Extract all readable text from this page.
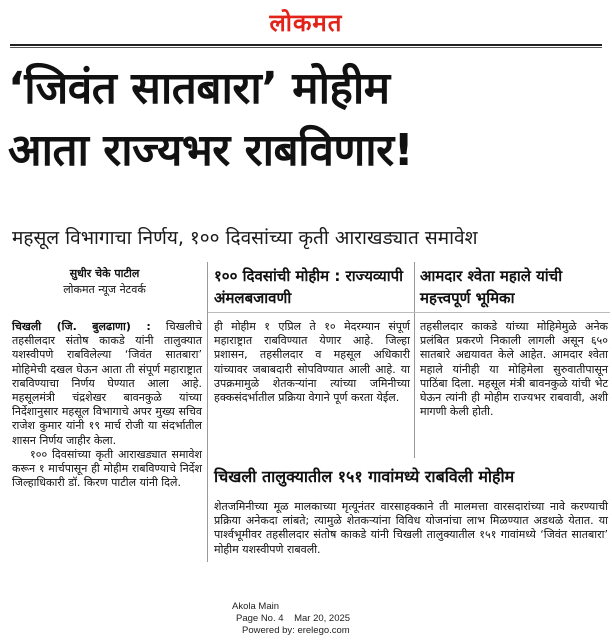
लोकमत
‘जिवंत सातबारा’ मोहीम
आता राज्यभर राबविणार!
महसूल विभागाचा निर्णय, १०० दिवसांच्या कृती आराखड्यात समावेश
सुधीर चेके पाटील
लोकमत न्यूज नेटवर्क

चिखली (जि. बुलढाणा) : चिखलीचे तहसीलदार संतोष काकडे यांनी तालुक्यात यशस्वीपणे राबविलेल्या ‘जिवंत सातबारा’ मोहिमेची दखल घेऊन आता ती संपूर्ण महाराष्ट्रात राबविण्याचा निर्णय घेण्यात आला आहे. महसूलमंत्री चंद्रशेखर बावनकुळे यांच्या निर्देशानुसार महसूल विभागाचे अपर मुख्य सचिव राजेश कुमार यांनी १९ मार्च रोजी या संदर्भातील शासन निर्णय जाहीर केला.

१०० दिवसांच्या कृती आराखड्यात समावेश करून १ मार्चपासून ही मोहीम राबविण्याचे निर्देश जिल्हाधिकारी डॉ. किरण पाटील यांनी दिले.

१०० दिवसांची मोहीम : राज्यव्यापी अंमलबजावणी
आमदार श्वेता महाले यांची महत्त्वपूर्ण भूमिका
ही मोहीम १ एप्रिल ते १० मेदरम्यान संपूर्ण महाराष्ट्रात राबविण्यात येणार आहे. जिल्हा प्रशासन, तहसीलदार व महसूल अधिकारी यांच्यावर जबाबदारी सोपविण्यात आली आहे. या उपक्रमामुळे शेतकऱ्यांना त्यांच्या जमिनीच्या हक्कसंदर्भातील प्रक्रिया वेगाने पूर्ण करता येईल.
तहसीलदार काकडे यांच्या मोहिमेमुळे अनेक प्रलंबित प्रकरणे निकाली लागली असून ६५० सातबारे अद्ययावत केले आहेत. आमदार श्वेता महाले यांनीही या मोहिमेला सुरुवातीपासून पाठिंबा दिला. महसूल मंत्री बावनकुळे यांची भेट घेऊन त्यांनी ही मोहीम राज्यभर राबवावी, अशी मागणी केली होती.
चिखली तालुक्यातील १५१ गावांमध्ये राबविली मोहीम
शेतजमिनीच्या मूळ मालकाच्या मृत्यूनंतर वारसाहक्काने ती मालमत्ता वारसदारांच्या नावे करण्याची प्रक्रिया अनेकदा लांबते; त्यामुळे शेतकऱ्यांना विविध योजनांचा लाभ मिळण्यात अडथळे येतात. या पार्श्वभूमीवर तहसीलदार संतोष काकडे यांनी चिखली तालुक्यातील १५१ गावांमध्ये ‘जिवंत सातबारा’ मोहीम यशस्वीपणे राबवली.
Akola Main
Page No. 4    Mar 20, 2025
Powered by: erelego.com
